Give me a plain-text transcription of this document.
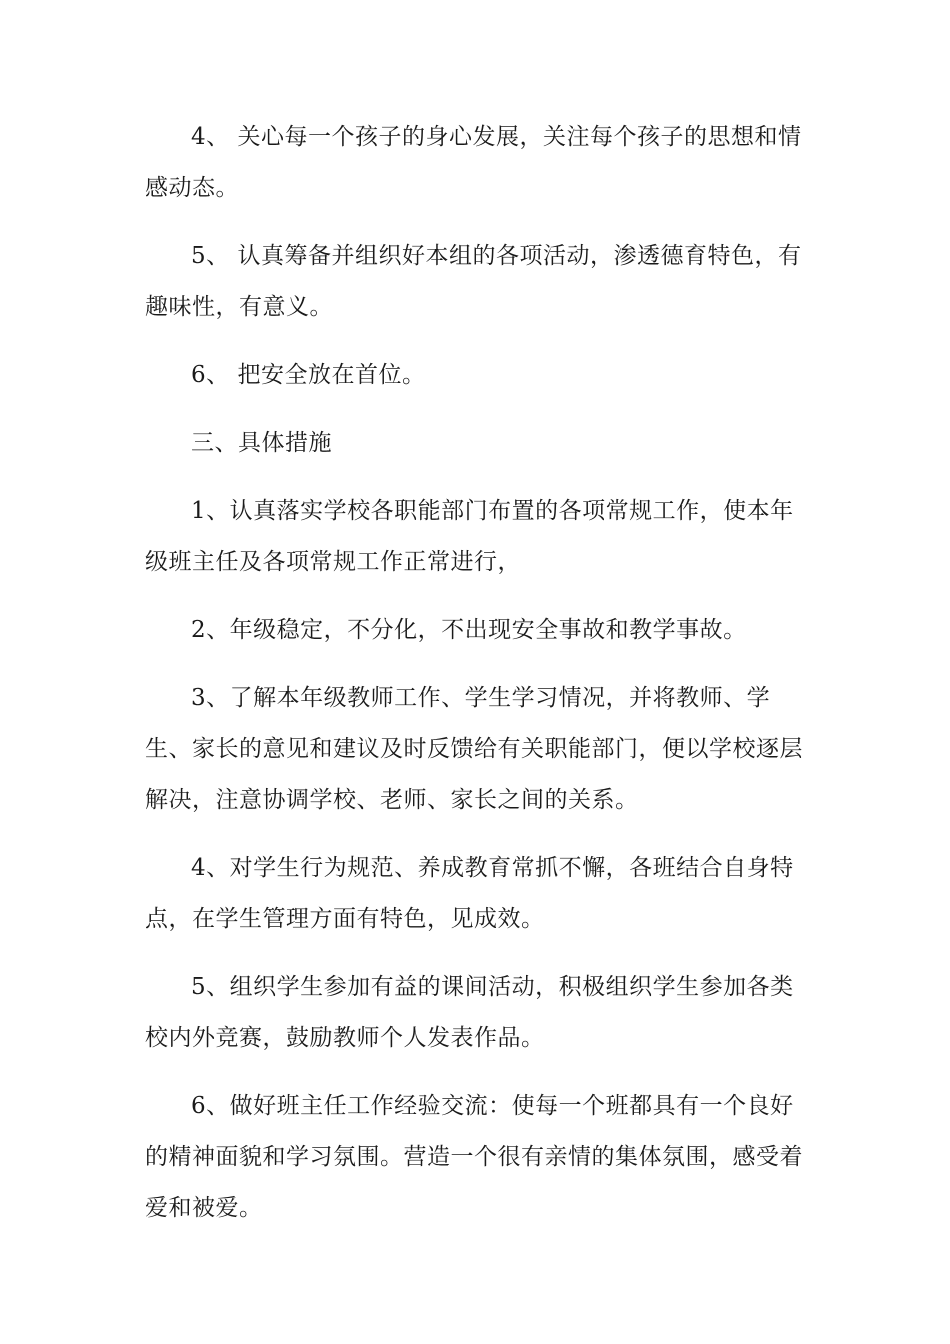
4、 关心每一个孩子的身心发展，关注每个孩子的思想和情感动态。

5、 认真筹备并组织好本组的各项活动，渗透德育特色，有趣味性，有意义。

6、 把安全放在首位。

三、具体措施

1、认真落实学校各职能部门布置的各项常规工作，使本年级班主任及各项常规工作正常进行，

2、年级稳定，不分化，不出现安全事故和教学事故。

3、了解本年级教师工作、学生学习情况，并将教师、学生、家长的意见和建议及时反馈给有关职能部门，便以学校逐层解决，注意协调学校、老师、家长之间的关系。

4、对学生行为规范、养成教育常抓不懈，各班结合自身特点，在学生管理方面有特色，见成效。

5、组织学生参加有益的课间活动，积极组织学生参加各类校内外竞赛，鼓励教师个人发表作品。

6、做好班主任工作经验交流：使每一个班都具有一个良好的精神面貌和学习氛围。营造一个很有亲情的集体氛围，感受着爱和被爱。
